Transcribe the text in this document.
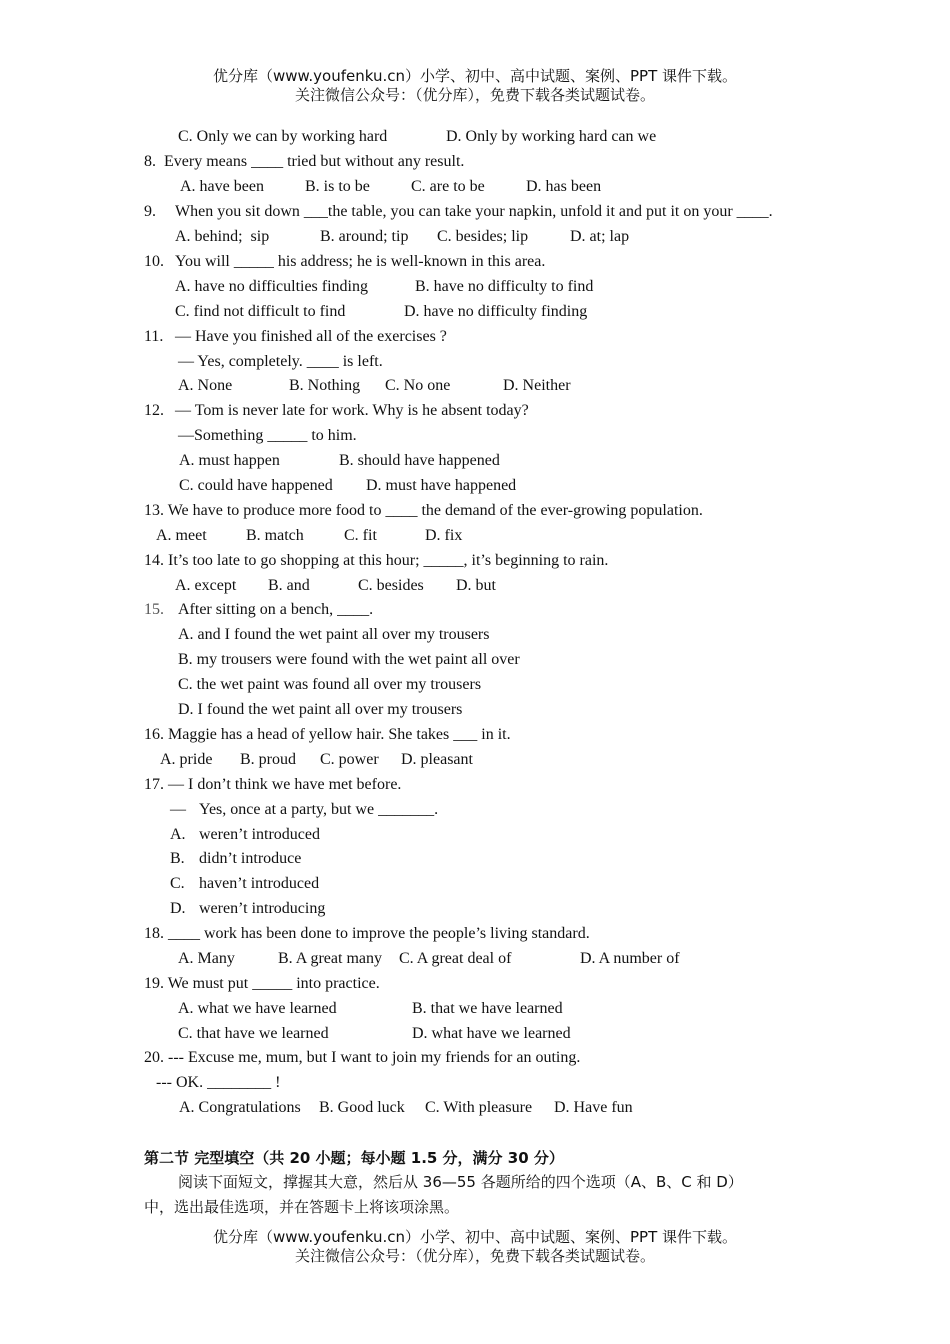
优分库（www.youfenku.cn）小学、初中、高中试题、案例、PPT 课件下载。
关注微信公众号：（优分库），免费下载各类试题试卷。
C. Only we can by working hard	D. Only by working hard can we
8.  Every means ____ tried but without any result.
A. have been	B. is to be	C. are to be	D. has been
9. When you sit down ___the table, you can take your napkin, unfold it and put it on your ____.
A. behind;  sip	B. around; tip C. besides; lip	D. at; lap
10. You will _____ his address; he is well-known in this area.
A. have no difficulties finding	B. have no difficulty to find
C. find not difficult to find	D. have no difficulty finding
11. — Have you finished all of the exercises ?
— Yes, completely. ____ is left.
A. None	B. Nothing C. No one	D. Neither
12. — Tom is never late for work. Why is he absent today?
—Something _____ to him.
A. must happen	B. should have happened
C. could have happened D. must have happened
13. We have to produce more food to ____ the demand of the ever-growing population.
A. meet B. match	C. fit	D. fix
14. It’s too late to go shopping at this hour; _____, it’s beginning to rain.
A. except B. and	C. besides D. but
15. After sitting on a bench, ____.
A. and I found the wet paint all over my trousers
B. my trousers were found with the wet paint all over
C. the wet paint was found all over my trousers
D. I found the wet paint all over my trousers
16. Maggie has a head of yellow hair. She takes ___ in it.
A. pride B. proud C. power D. pleasant
17. — I don’t think we have met before.
— Yes, once at a party, but we _______.
A. weren’t introduced
B. didn’t introduce
C. haven’t introduced
D. weren’t introducing
18. ____ work has been done to improve the people’s living standard.
A. Many	B. A great many C. A great deal of	D. A number of
19. We must put _____ into practice.
A. what we have learned	B. that we have learned
C. that have we learned	D. what have we learned
20. --- Excuse me, mum, but I want to join my friends for an outing.
--- OK. ________ !
A. Congratulations B. Good luck C. With pleasure D. Have fun
第二节 完型填空（共 20 小题；每小题 1.5 分，满分 30 分）
阅读下面短文，撑握其大意，然后从 36—55 各题所给的四个选项（A、B、C 和 D）
中，选出最佳选项，并在答题卡上将该项涂黑。
优分库（www.youfenku.cn）小学、初中、高中试题、案例、PPT 课件下载。
关注微信公众号：（优分库），免费下载各类试题试卷。
